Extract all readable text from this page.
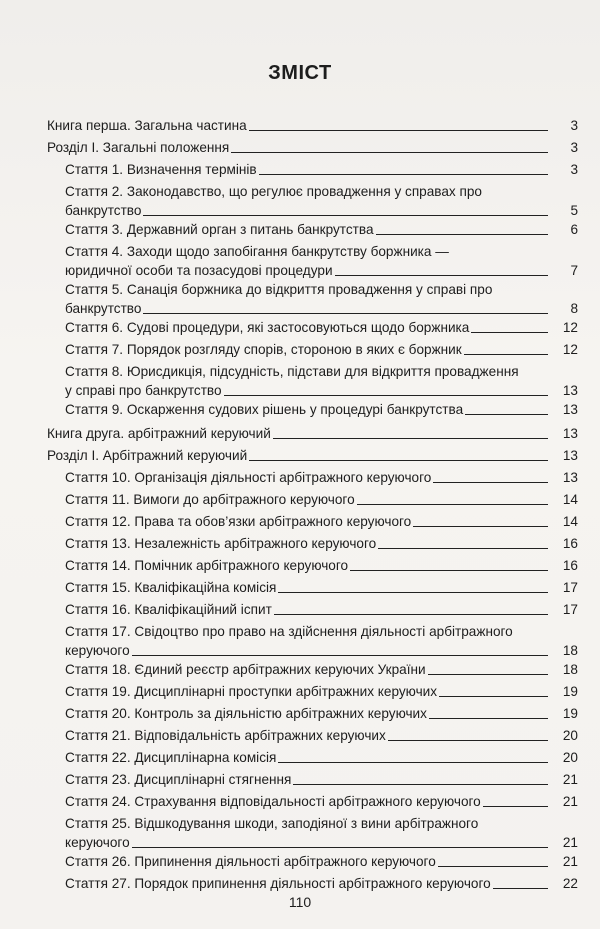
ЗМІСТ
Книга перша. Загальна частина	3
Розділ І. Загальні положення	3
Стаття 1. Визначення термінів	3
Стаття 2. Законодавство, що регулює провадження у справах про
банкрутство	5
Стаття 3. Державний орган з питань банкрутства	6
Стаття 4. Заходи щодо запобігання банкрутству боржника —
юридичної особи та позасудові процедури	7
Стаття 5. Санація боржника до відкриття провадження у справі про
банкрутство	8
Стаття 6. Судові процедури, які застосовуються щодо боржника	12
Стаття 7. Порядок розгляду спорів, стороною в яких є боржник	12
Стаття 8. Юрисдикція, підсудність, підстави для відкриття провадження
у справі про банкрутство	13
Стаття 9. Оскарження судових рішень у процедурі банкрутства	13
Книга друга. арбітражний керуючий	13
Розділ І. Арбітражний керуючий	13
Стаття 10. Організація діяльності арбітражного керуючого	13
Стаття 11. Вимоги до арбітражного керуючого	14
Стаття 12. Права та обов’язки арбітражного керуючого	14
Стаття 13. Незалежність арбітражного керуючого	16
Стаття 14. Помічник арбітражного керуючого	16
Стаття 15. Кваліфікаційна комісія	17
Стаття 16. Кваліфікаційний іспит	17
Стаття 17. Свідоцтво про право на здійснення діяльності арбітражного
керуючого	18
Стаття 18. Єдиний реєстр арбітражних керуючих України	18
Стаття 19. Дисциплінарні проступки арбітражних керуючих	19
Стаття 20. Контроль за діяльністю арбітражних керуючих	19
Стаття 21. Відповідальність арбітражних керуючих	20
Стаття 22. Дисциплінарна комісія	20
Стаття 23. Дисциплінарні стягнення	21
Стаття 24. Страхування відповідальності арбітражного керуючого	21
Стаття 25. Відшкодування шкоди, заподіяної з вини арбітражного
керуючого	21
Стаття 26. Припинення діяльності арбітражного керуючого	21
Стаття 27. Порядок припинення діяльності арбітражного керуючого	22
110
